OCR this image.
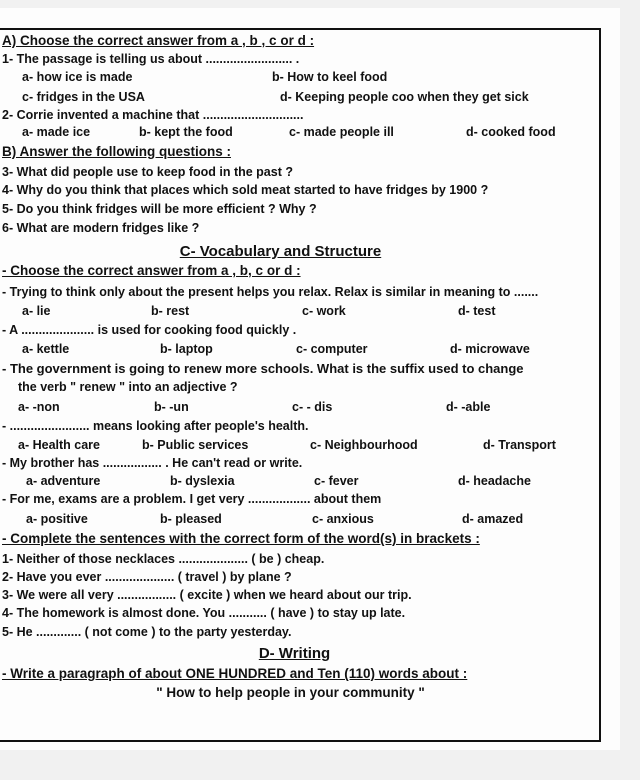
A) Choose the correct answer from a , b , c or d :
1- The passage is telling us about ......................... .
a- how ice is made	b- How to keel food
c- fridges in the USA	d- Keeping people coo when they get sick
2- Corrie invented a machine that .............................
a- made ice	b- kept the food	c- made people ill	d- cooked food
B) Answer the following questions :
3- What did people use to keep food in the past ?
4- Why do you think that places which sold meat started to have fridges by 1900 ?
5- Do you think fridges will be more efficient ? Why ?
6- What are modern fridges like ?
C- Vocabulary and Structure
- Choose the correct answer from a , b, c or d :
- Trying to think only about the present helps you relax. Relax is similar in meaning to .......
a- lie	b- rest	c- work	d- test
- A ..................... is used for cooking food quickly .
a- kettle	b- laptop	c- computer	d- microwave
- The government is going to renew more schools. What is the suffix used to change
the verb " renew " into an adjective ?
a- -non	b- -un	c- - dis	d- -able
- ....................... means looking after people's health.
a- Health care	b- Public services	c- Neighbourhood	d- Transport
- My brother has ................. . He can't read or write.
a- adventure	b- dyslexia	c- fever	d- headache
- For me, exams are a problem. I get very .................. about them
a- positive	b- pleased	c- anxious	d- amazed
- Complete the sentences with the correct form of the word(s) in brackets :
1- Neither of those necklaces .................... ( be ) cheap.
2- Have you ever .................... ( travel ) by plane ?
3- We were all very ................. ( excite ) when we heard about our trip.
4- The homework is almost done. You ........... ( have ) to stay up late.
5- He ............. ( not come ) to the party yesterday.
D- Writing
- Write a paragraph of about ONE HUNDRED and Ten (110) words about :
" How to help people in your community "
